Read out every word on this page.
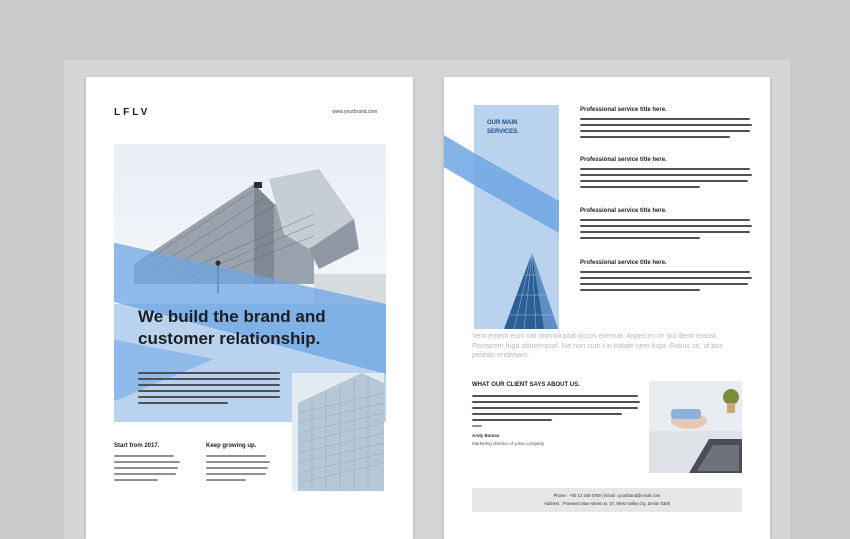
LFLV	www.yourbrand.com
We build the brand and
customer relationship.
Start from 2017.	Keep growing up.
OUR MAIN
SERVICES.
Professional service title here.
Professional service title here.
Professional service title here.
Professional service title here.
Vent entem eum nat ommoluptat occus exernat. Asperum im qui illesti teaost. Poreprem fuga aboremporl. Ne non cum i in eatate nem fuga. Ratius sit, ut pos pelesto endenam.
WHAT OUR CLIENT SAYS ABOUT US.
Andy Baman
Marketing director of yolva company
Phone : +00 12 345 6789 | Email : yourbrand@email.com
Address : Praesent vitae street no. 27, West Valley city, Zenon 5300
